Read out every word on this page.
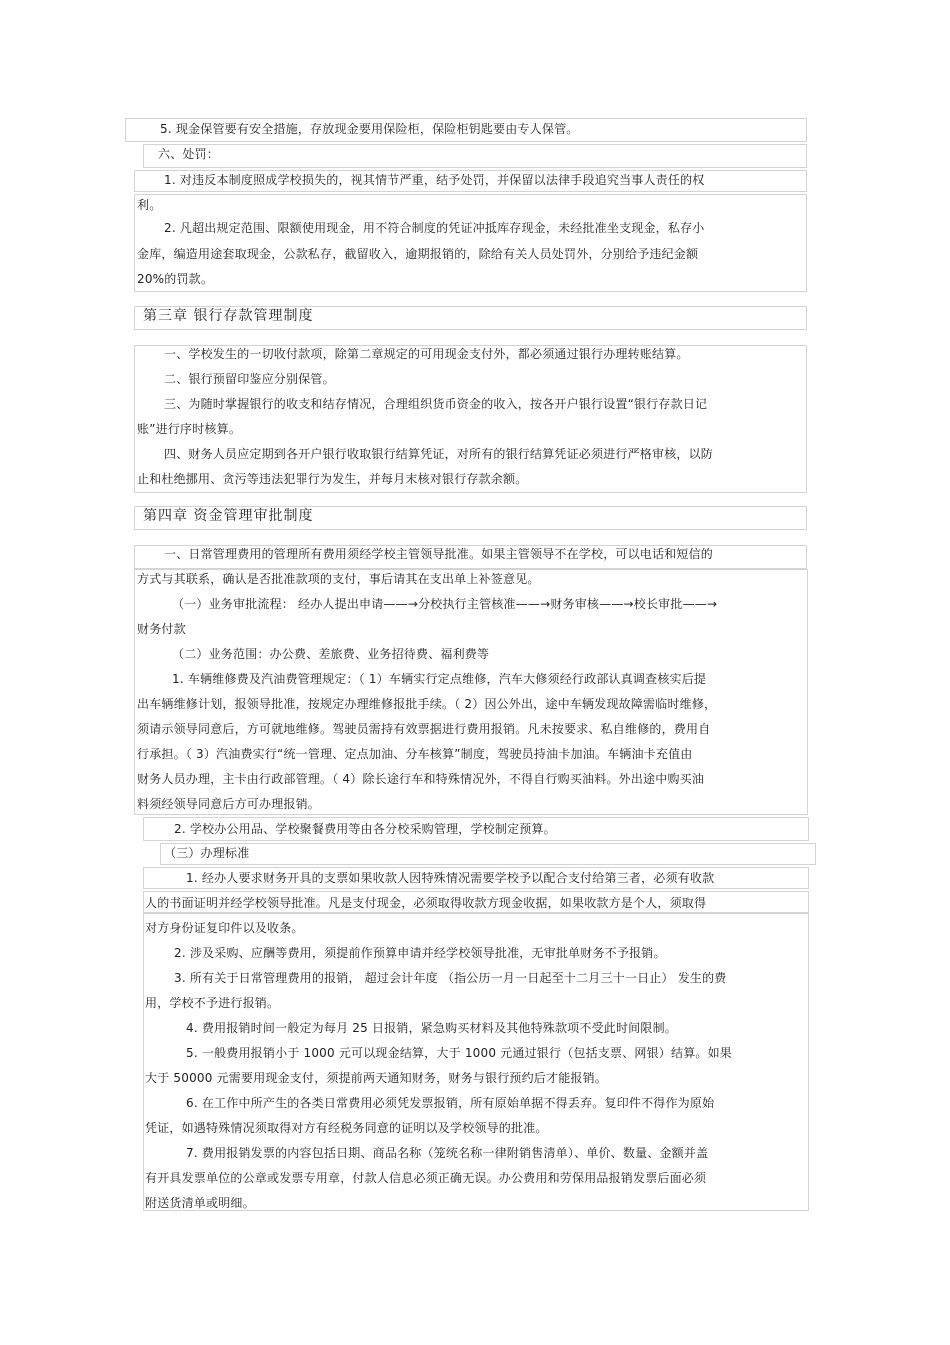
5. 现金保管要有安全措施，存放现金要用保险柜，保险柜钥匙要由专人保管。
六、处罚：
1. 对违反本制度照成学校损失的，视其情节严重，结予处罚，并保留以法律手段追究当事人责任的权
利。
2. 凡超出规定范围、限额使用现金，用不符合制度的凭证冲抵库存现金，未经批准坐支现金，私存小
金库，编造用途套取现金，公款私存，截留收入，逾期报销的，除给有关人员处罚外，分别给予违纪金额
20%的罚款。
第三章 银行存款管理制度
一、学校发生的一切收付款项，除第二章规定的可用现金支付外，都必须通过银行办理转账结算。
二、银行预留印鉴应分别保管。
三、为随时掌握银行的收支和结存情况，合理组织货币资金的收入，按各开户银行设置“银行存款日记
账”进行序时核算。
四、财务人员应定期到各开户银行收取银行结算凭证，对所有的银行结算凭证必须进行严格审核，以防
止和杜绝挪用、贪污等违法犯罪行为发生，并每月末核对银行存款余额。
第四章 资金管理审批制度
一、日常管理费用的管理所有费用须经学校主管领导批准。如果主管领导不在学校，可以电话和短信的
方式与其联系，确认是否批准款项的支付，事后请其在支出单上补签意见。
（一）业务审批流程： 经办人提出申请——→分校执行主管核准——→财务审核——→校长审批——→
财务付款
（二）业务范围：办公费、差旅费、业务招待费、福利费等
1. 车辆维修费及汽油费管理规定：（ 1）车辆实行定点维修，汽车大修须经行政部认真调查核实后提
出车辆维修计划，报领导批准，按规定办理维修报批手续。（ 2）因公外出，途中车辆发现故障需临时维修，
须请示领导同意后，方可就地维修。驾驶员需持有效票据进行费用报销。凡未按要求、私自维修的，费用自
行承担。（ 3）汽油费实行“统一管理、定点加油、分车核算”制度，驾驶员持油卡加油。车辆油卡充值由
财务人员办理，主卡由行政部管理。（ 4）除长途行车和特殊情况外，不得自行购买油料。外出途中购买油
料须经领导同意后方可办理报销。
2. 学校办公用品、学校聚餐费用等由各分校采购管理，学校制定预算。
（三）办理标准
1. 经办人要求财务开具的支票如果收款人因特殊情况需要学校予以配合支付给第三者，必须有收款
人的书面证明并经学校领导批准。凡是支付现金，必须取得收款方现金收据，如果收款方是个人，须取得
对方身份证复印件以及收条。
2. 涉及采购、应酬等费用，须提前作预算申请并经学校领导批准，无审批单财务不予报销。
3. 所有关于日常管理费用的报销， 超过会计年度 （指公历一月一日起至十二月三十一日止） 发生的费
用，学校不予进行报销。
4. 费用报销时间一般定为每月 25 日报销，紧急购买材料及其他特殊款项不受此时间限制。
5. 一般费用报销小于 1000 元可以现金结算，大于 1000 元通过银行（包括支票、网银）结算。如果
大于 50000 元需要用现金支付，须提前两天通知财务，财务与银行预约后才能报销。
6. 在工作中所产生的各类日常费用必须凭发票报销，所有原始单据不得丢弃。复印件不得作为原始
凭证，如遇特殊情况须取得对方有经税务同意的证明以及学校领导的批准。
7. 费用报销发票的内容包括日期、商品名称（笼统名称一律附销售清单）、单价、数量、金额并盖
有开具发票单位的公章或发票专用章，付款人信息必须正确无误。办公费用和劳保用品报销发票后面必须
附送货清单或明细。
